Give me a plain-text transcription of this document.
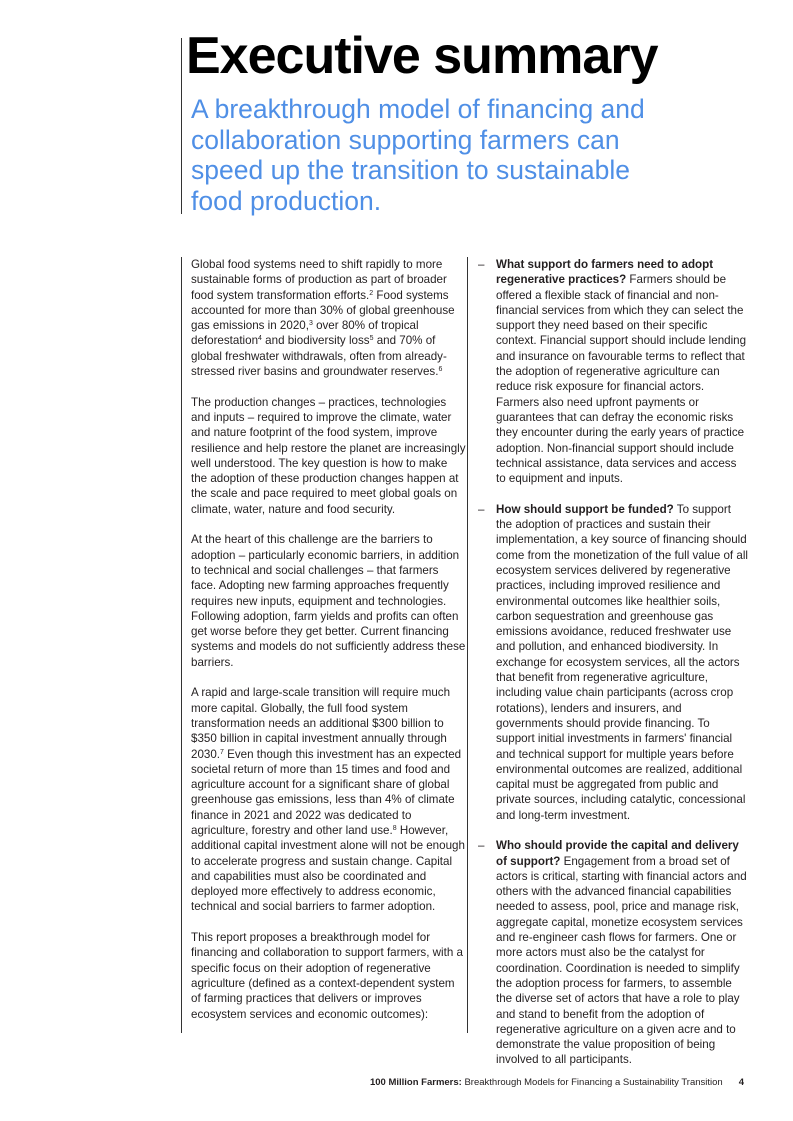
Executive summary
A breakthrough model of financing and collaboration supporting farmers can speed up the transition to sustainable food production.

Global food systems need to shift rapidly to more sustainable forms of production as part of broader food system transformation efforts.$^2$ Food systems accounted for more than 30% of global greenhouse gas emissions in 2020,$^3$ over 80% of tropical deforestation$^4$ and biodiversity loss$^5$ and 70% of global freshwater withdrawals, often from already-stressed river basins and groundwater reserves.$^6$

The production changes – practices, technologies and inputs – required to improve the climate, water and nature footprint of the food system, improve resilience and help restore the planet are increasingly well understood. The key question is how to make the adoption of these production changes happen at the scale and pace required to meet global goals on climate, water, nature and food security.

At the heart of this challenge are the barriers to adoption – particularly economic barriers, in addition to technical and social challenges – that farmers face. Adopting new farming approaches frequently requires new inputs, equipment and technologies. Following adoption, farm yields and profits can often get worse before they get better. Current financing systems and models do not sufficiently address these barriers.

A rapid and large-scale transition will require much more capital. Globally, the full food system transformation needs an additional $300 billion to $350 billion in capital investment annually through 2030.$^7$ Even though this investment has an expected societal return of more than 15 times and food and agriculture account for a significant share of global greenhouse gas emissions, less than 4% of climate finance in 2021 and 2022 was dedicated to agriculture, forestry and other land use.$^8$ However, additional capital investment alone will not be enough to accelerate progress and sustain change. Capital and capabilities must also be coordinated and deployed more effectively to address economic, technical and social barriers to farmer adoption.

This report proposes a breakthrough model for financing and collaboration to support farmers, with a specific focus on their adoption of regenerative agriculture (defined as a context-dependent system of farming practices that delivers or improves ecosystem services and economic outcomes):

– What support do farmers need to adopt regenerative practices? Farmers should be offered a flexible stack of financial and non-financial services from which they can select the support they need based on their specific context. Financial support should include lending and insurance on favourable terms to reflect that the adoption of regenerative agriculture can reduce risk exposure for financial actors. Farmers also need upfront payments or guarantees that can defray the economic risks they encounter during the early years of practice adoption. Non-financial support should include technical assistance, data services and access to equipment and inputs.
– How should support be funded? To support the adoption of practices and sustain their implementation, a key source of financing should come from the monetization of the full value of all ecosystem services delivered by regenerative practices, including improved resilience and environmental outcomes like healthier soils, carbon sequestration and greenhouse gas emissions avoidance, reduced freshwater use and pollution, and enhanced biodiversity. In exchange for ecosystem services, all the actors that benefit from regenerative agriculture, including value chain participants (across crop rotations), lenders and insurers, and governments should provide financing. To support initial investments in farmers' financial and technical support for multiple years before environmental outcomes are realized, additional capital must be aggregated from public and private sources, including catalytic, concessional and long-term investment.
– Who should provide the capital and delivery of support? Engagement from a broad set of actors is critical, starting with financial actors and others with the advanced financial capabilities needed to assess, pool, price and manage risk, aggregate capital, monetize ecosystem services and re-engineer cash flows for farmers. One or more actors must also be the catalyst for coordination. Coordination is needed to simplify the adoption process for farmers, to assemble the diverse set of actors that have a role to play and stand to benefit from the adoption of regenerative agriculture on a given acre and to demonstrate the value proposition of being involved to all participants.
100 Million Farmers: Breakthrough Models for Financing a Sustainability Transition 4
